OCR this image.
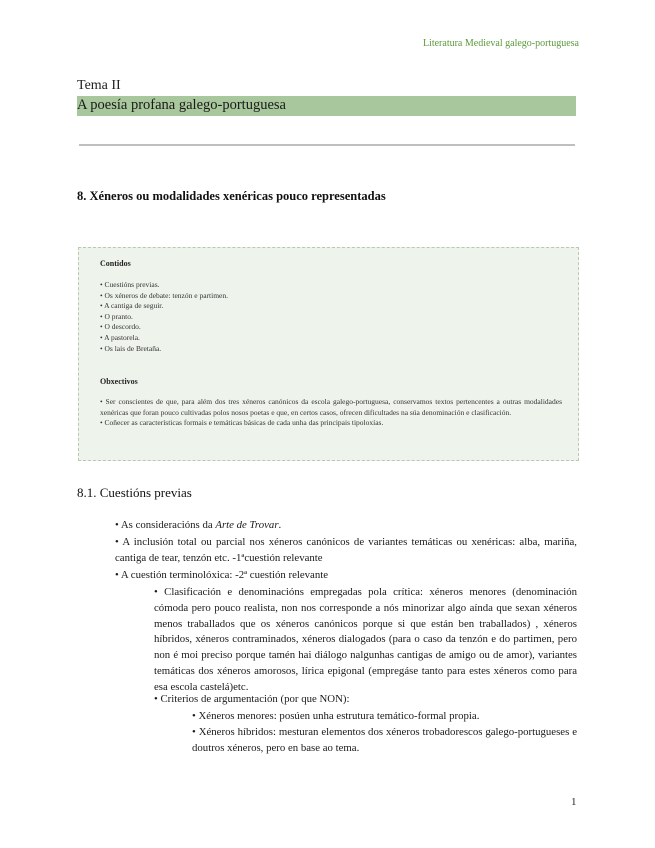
Literatura Medieval galego-portuguesa
Tema II
A poesía profana galego-portuguesa
8. Xéneros ou modalidades xenéricas pouco representadas
Contidos
• Cuestións previas.
• Os xéneros de debate: tenzón e partimen.
• A cantiga de seguir.
• O pranto.
• O descordo.
• A pastorela.
• Os lais de Bretaña.
Obxectivos
• Ser conscientes de que, para além dos tres xéneros canónicos da escola galego-portuguesa, conservamos textos pertencentes a outras modalidades xenéricas que foran pouco cultivadas polos nosos poetas e que, en certos casos, ofrecen dificultades na súa denominación e clasificación.
• Coñecer as características formais e temáticas básicas de cada unha das principais tipoloxías.
8.1. Cuestións previas
• As consideracións da Arte de Trovar.
• A inclusión total ou parcial nos xéneros canónicos de variantes temáticas ou xenéricas: alba, mariña, cantiga de tear, tenzón etc. -1ªcuestión relevante
• A cuestión terminolóxica: -2ª cuestión relevante
• Clasificación e denominacións empregadas pola crítica: xéneros menores (denominación cómoda pero pouco realista, non nos corresponde a nós minorizar algo aínda que sexan xéneros menos traballados que os xéneros canónicos porque si que están ben traballados) , xéneros híbridos, xéneros contraminados, xéneros dialogados (para o caso da tenzón e do partimen, pero non é moi preciso porque tamén hai diálogo nalgunhas cantigas de amigo ou de amor), variantes temáticas dos xéneros amorosos, lírica epigonal (empregáse tanto para estes xéneros como para esa escola castelá)etc.
• Criterios de argumentación (por que NON):
• Xéneros menores: posúen unha estrutura temático-formal propia.
• Xéneros híbridos: mesturan elementos dos xéneros trobadorescos galego-portugueses e doutros xéneros, pero en base ao tema.
1
